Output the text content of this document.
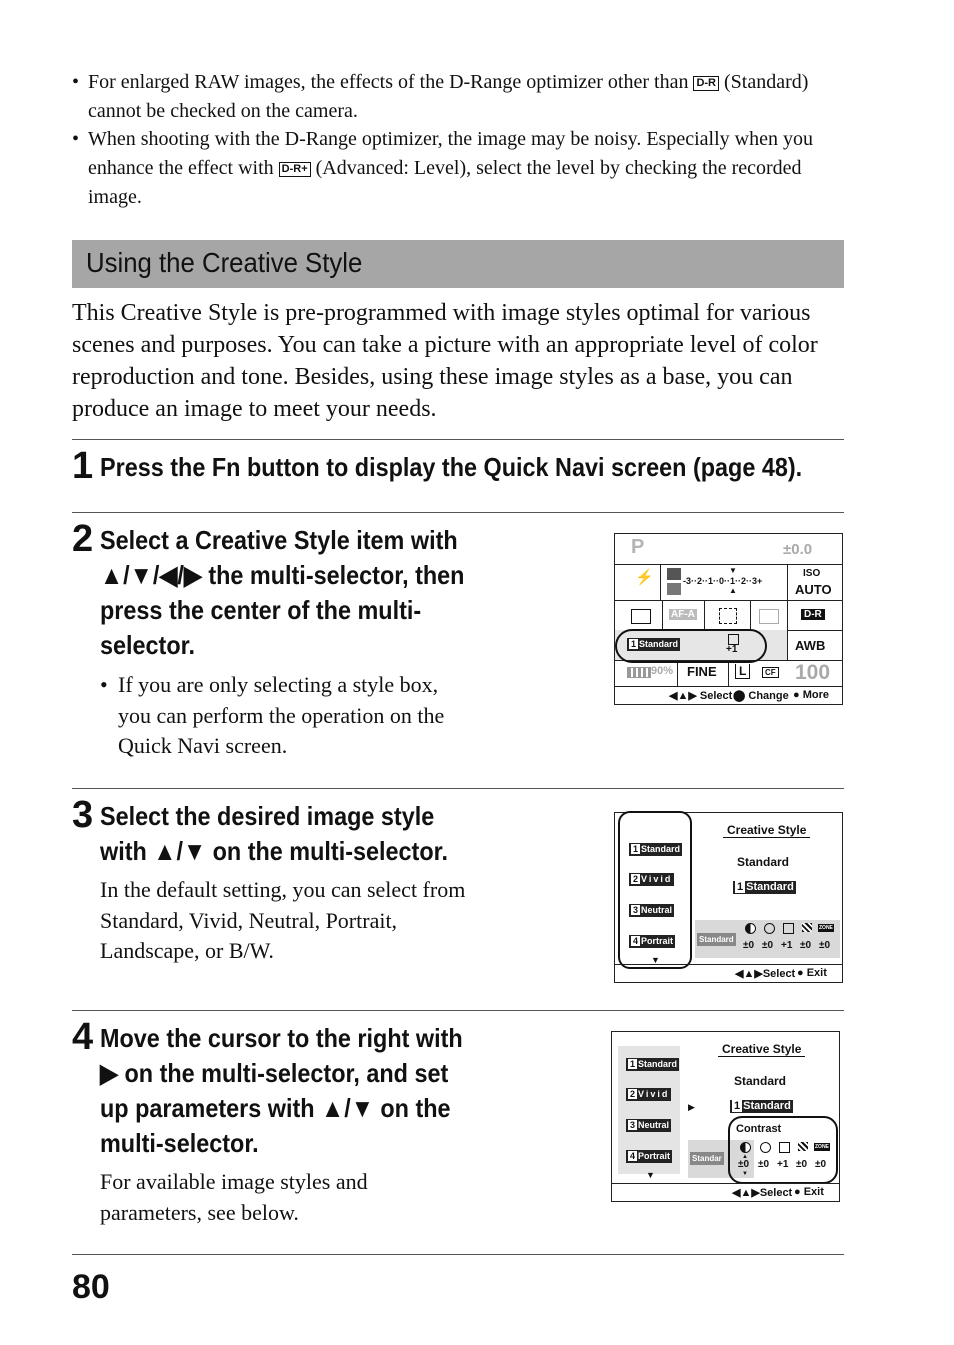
• For enlarged RAW images, the effects of the D-Range optimizer other than D-R (Standard) cannot be checked on the camera.
• When shooting with the D-Range optimizer, the image may be noisy. Especially when you enhance the effect with D-R+ (Advanced: Level), select the level by checking the recorded image.
Using the Creative Style
This Creative Style is pre-programmed with image styles optimal for various scenes and purposes. You can take a picture with an appropriate level of color reproduction and tone. Besides, using these image styles as a base, you can produce an image to meet your needs.
1 Press the Fn button to display the Quick Navi screen (page 48).
2 Select a Creative Style item with
▲/▼/◀/▶ the multi-selector, then
press the center of the multi-
selector.
• If you are only selecting a style box,
you can perform the operation on the
Quick Navi screen.
P	±0.0
⚡	-3··2··1··0··1··2··3+
▼
▲
ISO
AUTO
AF-A	D-R
1 Standard	+1	AWB
90% FINE	L	CF 100
◀▲▶ Select ⬤ Change ● More
3 Select the desired image style
with ▲/▼ on the multi-selector.
In the default setting, you can select from
Standard, Vivid, Neutral, Portrait,
Landscape, or B/W.
1 Standard
2 Vivid
3 Neutral
4 Portrait
▼
Creative Style
Standard
1 Standard
Standard
ZONE
±0 ±0 +1 ±0 ±0
◀▲▶Select ● Exit
4 Move the cursor to the right with
▶ on the multi-selector, and set
up parameters with ▲/▼ on the
multi-selector.
For available image styles and
parameters, see below.
1 Standard
2 Vivid
3 Neutral
4 Portrait
▼
▶
Creative Style
Standard
1 Standard
Standar
Contrast
ZONE
▲
±0
▼
±0 +1 ±0 ±0
◀▲▶Select ● Exit
80
